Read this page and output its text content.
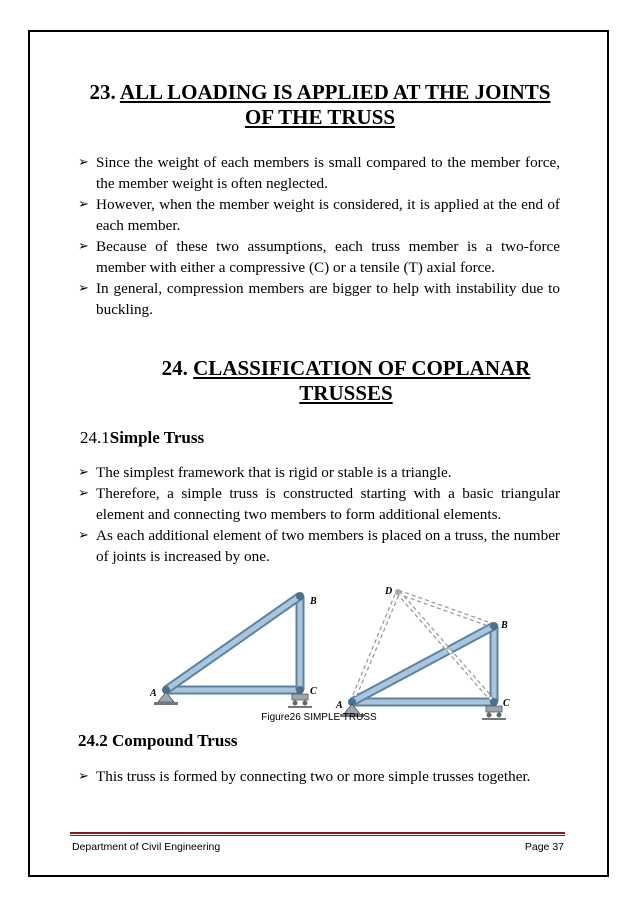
23. ALL LOADING IS APPLIED AT THE JOINTS
OF THE TRUSS
➢ Since the weight of each members is small compared to the member force, the member weight is often neglected.
➢ However, when the member weight is considered, it is applied at the end of each member.
➢ Because of these two assumptions, each truss member is a two-force member with either a compressive (C) or a tensile (T) axial force.
➢ In general, compression members are bigger to help with instability due to buckling.
24. CLASSIFICATION OF COPLANAR
TRUSSES
24.1Simple Truss
➢ The simplest framework that is rigid or stable is a triangle.
➢ Therefore, a simple truss is constructed starting with a basic triangular element and connecting two members to form additional elements.
➢ As each additional element of two members is placed on a truss, the number of joints is increased by one.
A	C
B
A	C
B
D
Figure26 SIMPLE TRUSS
24.2 Compound Truss
➢ This truss is formed by connecting two or more simple trusses together.
Department of Civil Engineering	Page 37
